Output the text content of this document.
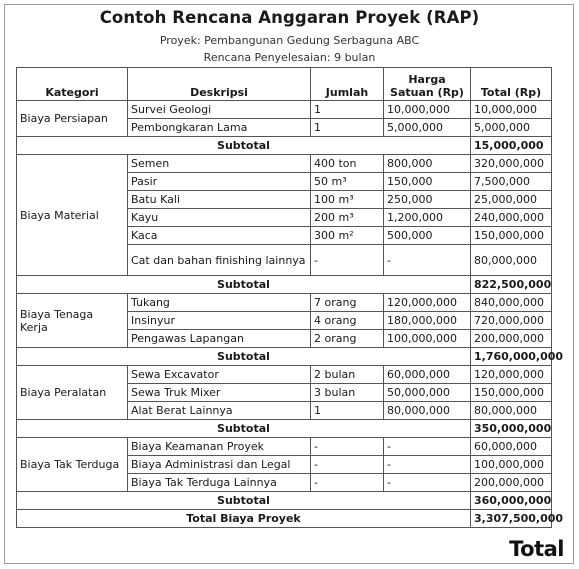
Contoh Rencana Anggaran Proyek (RAP)
Proyek: Pembangunan Gedung Serbaguna ABC
Rencana Penyelesaian: 9 bulan
Kategori	Deskripsi	Jumlah	Harga Satuan (Rp)	Total (Rp)
Biaya Persiapan	Survei Geologi	1	10,000,000	10,000,000
	Pembongkaran Lama	1	5,000,000	5,000,000
Subtotal				15,000,000
Biaya Material	Semen	400 ton	800,000	320,000,000
	Pasir	50 m³	150,000	7,500,000
	Batu Kali	100 m³	250,000	25,000,000
	Kayu	200 m³	1,200,000	240,000,000
	Kaca	300 m²	500,000	150,000,000
	Cat dan bahan finishing lainnya	-	-	80,000,000
Subtotal				822,500,000
Biaya Tenaga Kerja	Tukang	7 orang	120,000,000	840,000,000
	Insinyur	4 orang	180,000,000	720,000,000
	Pengawas Lapangan	2 orang	100,000,000	200,000,000
Subtotal				1,760,000,000
Biaya Peralatan	Sewa Excavator	2 bulan	60,000,000	120,000,000
	Sewa Truk Mixer	3 bulan	50,000,000	150,000,000
	Alat Berat Lainnya	1	80,000,000	80,000,000
Subtotal				350,000,000
Biaya Tak Terduga	Biaya Keamanan Proyek	-	-	60,000,000
	Biaya Administrasi dan Legal	-	-	100,000,000
	Biaya Tak Terduga Lainnya	-	-	200,000,000
Subtotal				360,000,000
Total Biaya Proyek				3,307,500,000
Total
